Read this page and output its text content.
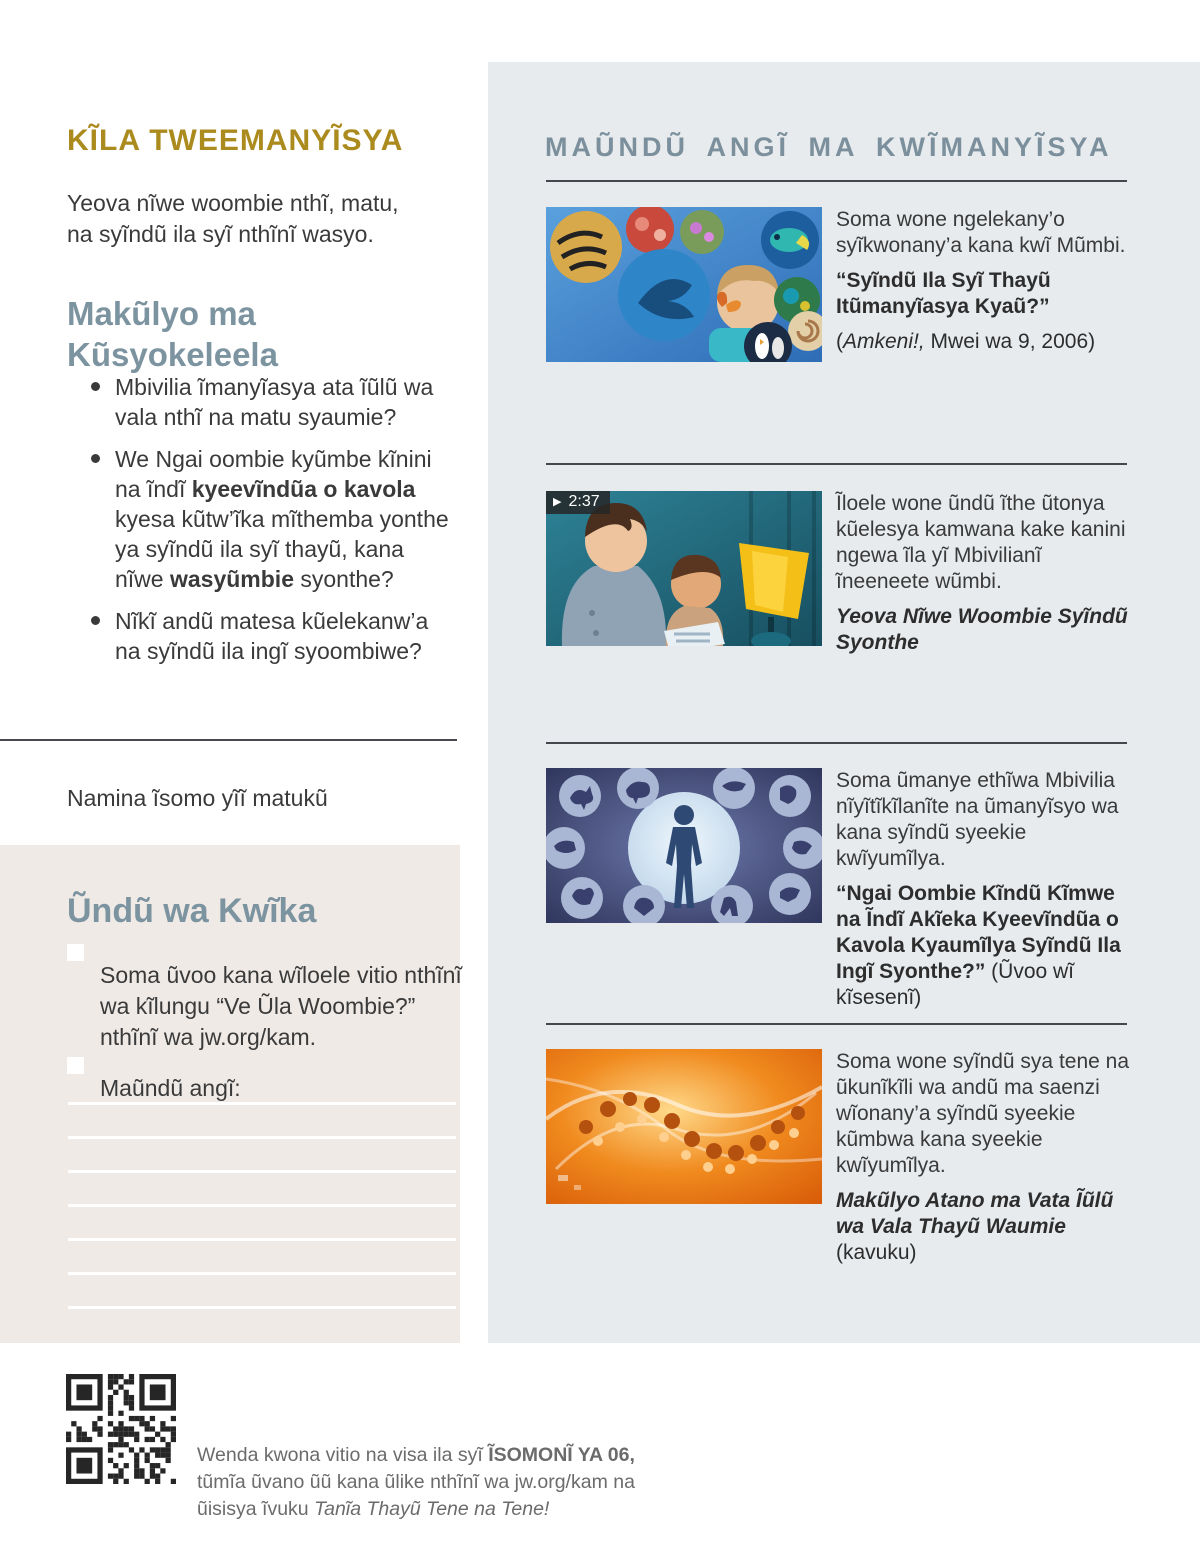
KĨLA TWEEMANYĨSYA

Yeova nĩwe woombie nthĩ, matu, na syĩndũ ila syĩ nthĩnĩ wasyo.

Makũlyo ma Kũsyokeleela
Mbivilia ĩmanyĩasya ata ĩũlũ wa vala nthĩ na matu syaumie?
We Ngai oombie kyũmbe kĩnini na ĩndĩ kyeevĩndũa o kavola kyesa kũtw’ĩka mĩthemba yonthe ya syĩndũ ila syĩ thayũ, kana nĩwe wasyũmbie syonthe?
Nĩkĩ andũ matesa kũelekanw’a na syĩndũ ila ingĩ syoombiwe?

Namina ĩsomo yĩĩ matukũ

Ũndũ wa Kwĩka

Soma ũvoo kana wĩloele vitio nthĩnĩ wa kĩlungu “Ve Ũla Woombie?” nthĩnĩ wa jw.org/kam.

Maũndũ angĩ:

Wenda kwona vitio na visa ila syĩ ĨSOMONĨ YA 06, tũmĩa ũvano ũũ kana ũlike nthĩnĩ wa jw.org/kam na ũisisya ĩvuku Tanĩa Thayũ Tene na Tene!

MAŨNDŨ ANGĨ MA KWĨMANYĨSYA

Soma wone ngelekany’o syĩkwonany’a kana kwĩ Mũmbi.

“Syĩndũ Ila Syĩ Thayũ Itũmanyĩasya Kyaũ?”

(Amkeni!, Mwei wa 9, 2006)

▶ 2:37	Ĩloele wone ũndũ ĩthe ũtonya kũelesya kamwana kake kanini ngewa ĩla yĩ Mbivilianĩ ĩneeneete wũmbi.

Yeova Nĩwe Woombie Syĩndũ Syonthe

Soma ũmanye ethĩwa Mbivilia nĩyĩtĩkĩlanĩte na ũmanyĩsyo wa kana syĩndũ syeekie kwĩyumĩlya.

“Ngai Oombie Kĩndũ Kĩmwe na Ĩndĩ Akĩeka Kyeevĩndũa o Kavola Kyaumĩlya Syĩndũ Ila Ingĩ Syonthe?” (Ũvoo wĩ kĩsesenĩ)

Soma wone syĩndũ sya tene na ũkunĩkĩli wa andũ ma saenzi wĩonany’a syĩndũ syeekie kũmbwa kana syeekie kwĩyumĩlya.

Makũlyo Atano ma Vata Ĩũlũ wa Vala Thayũ Waumie (kavuku)
